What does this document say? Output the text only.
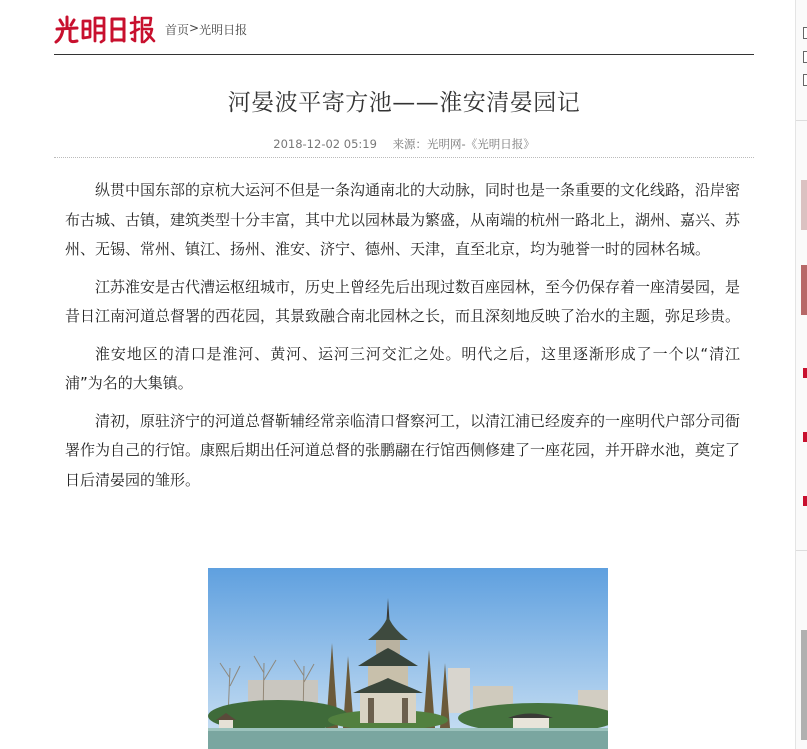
首页 > 光明日报
河晏波平寄方池——淮安清晏园记
2018-12-02 05:19 来源：光明网-《光明日报》

纵贯中国东部的京杭大运河不但是一条沟通南北的大动脉，同时也是一条重要的文化线路，沿岸密布古城、古镇，建筑类型十分丰富，其中尤以园林最为繁盛，从南端的杭州一路北上，湖州、嘉兴、苏州、无锡、常州、镇江、扬州、淮安、济宁、德州、天津，直至北京，均为驰誉一时的园林名城。

江苏淮安是古代漕运枢纽城市，历史上曾经先后出现过数百座园林，至今仍保存着一座清晏园，是昔日江南河道总督署的西花园，其景致融合南北园林之长，而且深刻地反映了治水的主题，弥足珍贵。

淮安地区的清口是淮河、黄河、运河三河交汇之处。明代之后，这里逐渐形成了一个以“清江浦”为名的大集镇。

清初，原驻济宁的河道总督靳辅经常亲临清口督察河工，以清江浦已经废弃的一座明代户部分司衙署作为自己的行馆。康熙后期出任河道总督的张鹏翮在行馆西侧修建了一座花园，并开辟水池，奠定了日后清晏园的雏形。
